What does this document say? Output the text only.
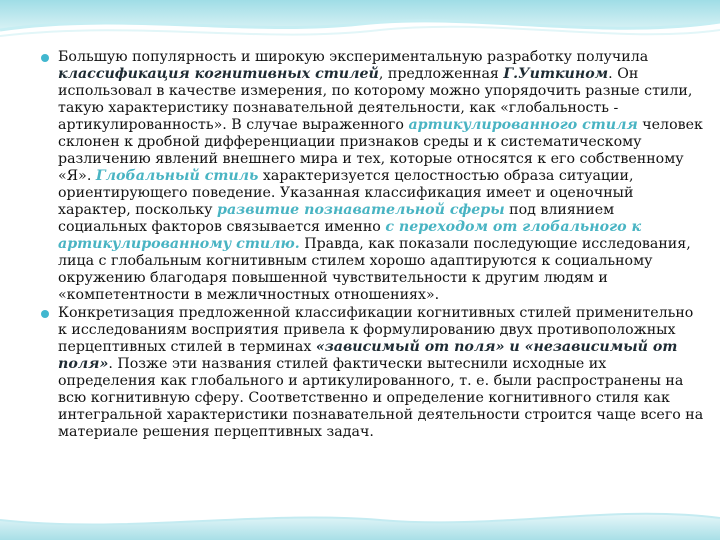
Большую популярность и широкую экспериментальную разработку получила классификация когнитивных стилей, предложенная Г.Уиткином. Он использовал в качестве измерения, по которому можно упорядочить разные стили, такую характеристику познавательной деятельности, как «глобальность - артикулированность». В случае выраженного артикулированного стиля человек склонен к дробной дифференциации признаков среды и к систематическому различению явлений внешнего мира и тех, которые относятся к его собственному «Я». Глобальный стиль характеризуется целостностью образа ситуации, ориентирующего поведение. Указанная классификация имеет и оценочный характер, поскольку развитие познавательной сферы под влиянием социальных факторов связывается именно с переходом от глобального к артикулированному стилю. Правда, как показали последующие исследования, лица с глобальным когнитивным стилем хорошо адаптируются к социальному окружению благодаря повышенной чувствительности к другим людям и «компетентности в межличностных отношениях».

Конкретизация предложенной классификации когнитивных стилей применительно к исследованиям восприятия привела к формулированию двух противоположных перцептивных стилей в терминах «зависимый от поля» и «независимый от поля». Позже эти названия стилей фактически вытеснили исходные их определения как глобального и артикулированного, т. е. были распространены на всю когнитивную сферу. Соответственно и определение когнитивного стиля как интегральной характеристики познавательной деятельности строится чаще всего на материале решения перцептивных задач.
